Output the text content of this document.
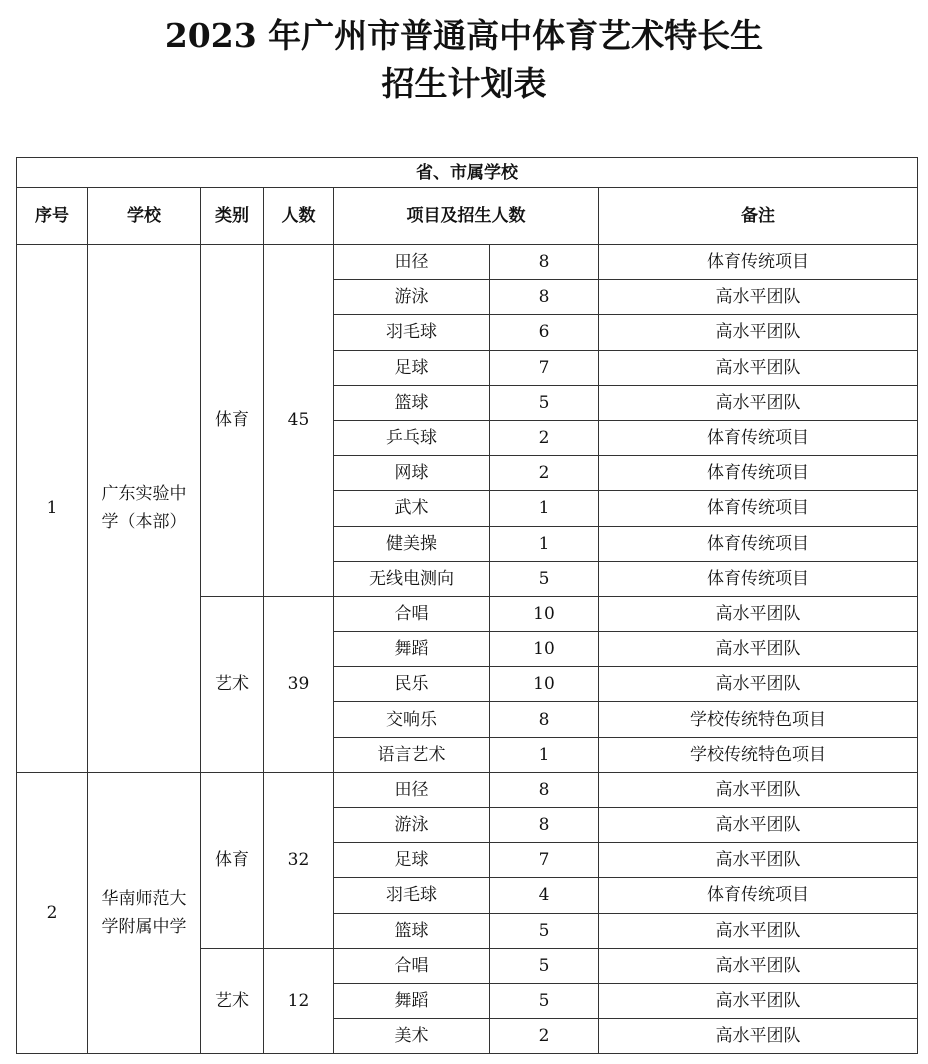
2023 年广州市普通高中体育艺术特长生
招生计划表
省、市属学校						
序号	学校	类别	人数	项目及招生人数		备注
1	广东实验中学（本部）	体育	45	田径	8	体育传统项目
				游泳	8	高水平团队
				羽毛球	6	高水平团队
				足球	7	高水平团队
				篮球	5	高水平团队
				乒乓球	2	体育传统项目
				网球	2	体育传统项目
				武术	1	体育传统项目
				健美操	1	体育传统项目
				无线电测向	5	体育传统项目
		艺术	39	合唱	10	高水平团队
				舞蹈	10	高水平团队
				民乐	10	高水平团队
				交响乐	8	学校传统特色项目
				语言艺术	1	学校传统特色项目
2	华南师范大学附属中学	体育	32	田径	8	高水平团队
				游泳	8	高水平团队
				足球	7	高水平团队
				羽毛球	4	体育传统项目
				篮球	5	高水平团队
		艺术	12	合唱	5	高水平团队
				舞蹈	5	高水平团队
				美术	2	高水平团队
